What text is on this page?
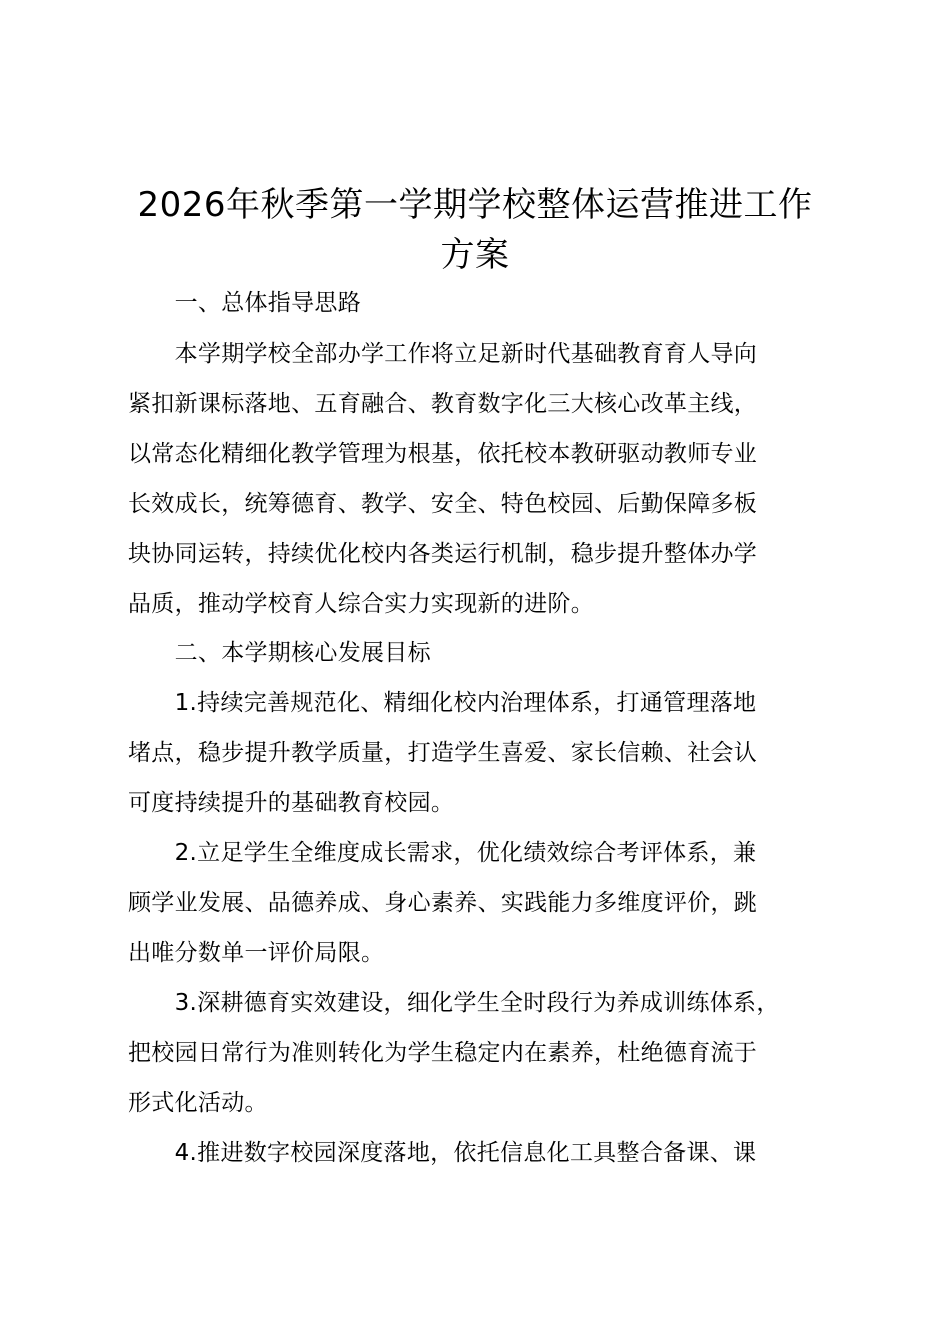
2026年秋季第一学期学校整体运营推进工作
方案
　　一、总体指导思路
　　本学期学校全部办学工作将立足新时代基础教育育人导向
紧扣新课标落地、五育融合、教育数字化三大核心改革主线，
以常态化精细化教学管理为根基，依托校本教研驱动教师专业
长效成长，统筹德育、教学、安全、特色校园、后勤保障多板
块协同运转，持续优化校内各类运行机制，稳步提升整体办学
品质，推动学校育人综合实力实现新的进阶。
　　二、本学期核心发展目标
　　1.持续完善规范化、精细化校内治理体系，打通管理落地
堵点，稳步提升教学质量，打造学生喜爱、家长信赖、社会认
可度持续提升的基础教育校园。
　　2.立足学生全维度成长需求，优化绩效综合考评体系，兼
顾学业发展、品德养成、身心素养、实践能力多维度评价，跳
出唯分数单一评价局限。
　　3.深耕德育实效建设，细化学生全时段行为养成训练体系，
把校园日常行为准则转化为学生稳定内在素养，杜绝德育流于
形式化活动。
　　4.推进数字校园深度落地，依托信息化工具整合备课、课
